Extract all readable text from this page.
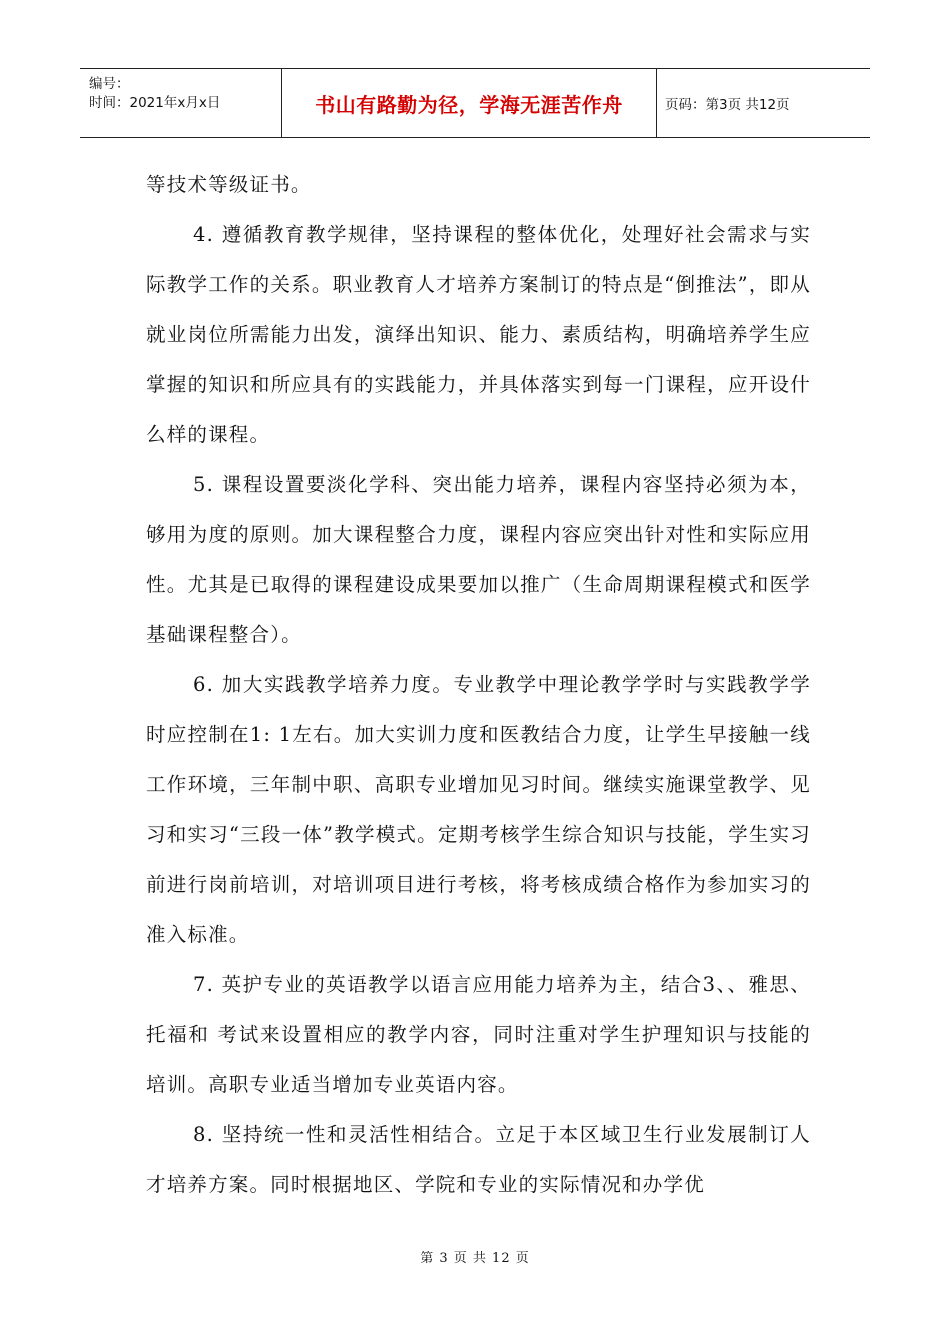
编号：
时间：2021年x月x日	书山有路勤为径，学海无涯苦作舟	页码：第3页 共12页

等技术等级证书。

4. 遵循教育教学规律，坚持课程的整体优化，处理好社会需求与实际教学工作的关系。职业教育人才培养方案制订的特点是“倒推法”，即从就业岗位所需能力出发，演绎出知识、能力、素质结构，明确培养学生应掌握的知识和所应具有的实践能力，并具体落实到每一门课程，应开设什么样的课程。

5. 课程设置要淡化学科、突出能力培养，课程内容坚持必须为本，够用为度的原则。加大课程整合力度，课程内容应突出针对性和实际应用性。尤其是已取得的课程建设成果要加以推广（生命周期课程模式和医学基础课程整合）。

6. 加大实践教学培养力度。专业教学中理论教学学时与实践教学学时应控制在1: 1左右。加大实训力度和医教结合力度，让学生早接触一线工作环境，三年制中职、高职专业增加见习时间。继续实施课堂教学、见习和实习“三段一体”教学模式。定期考核学生综合知识与技能，学生实习前进行岗前培训，对培训项目进行考核，将考核成绩合格作为参加实习的准入标准。

7. 英护专业的英语教学以语言应用能力培养为主，结合3、、雅思、托福和 考试来设置相应的教学内容，同时注重对学生护理知识与技能的培训。高职专业适当增加专业英语内容。

8. 坚持统一性和灵活性相结合。立足于本区域卫生行业发展制订人才培养方案。同时根据地区、学院和专业的实际情况和办学优

第 3 页 共 12 页
